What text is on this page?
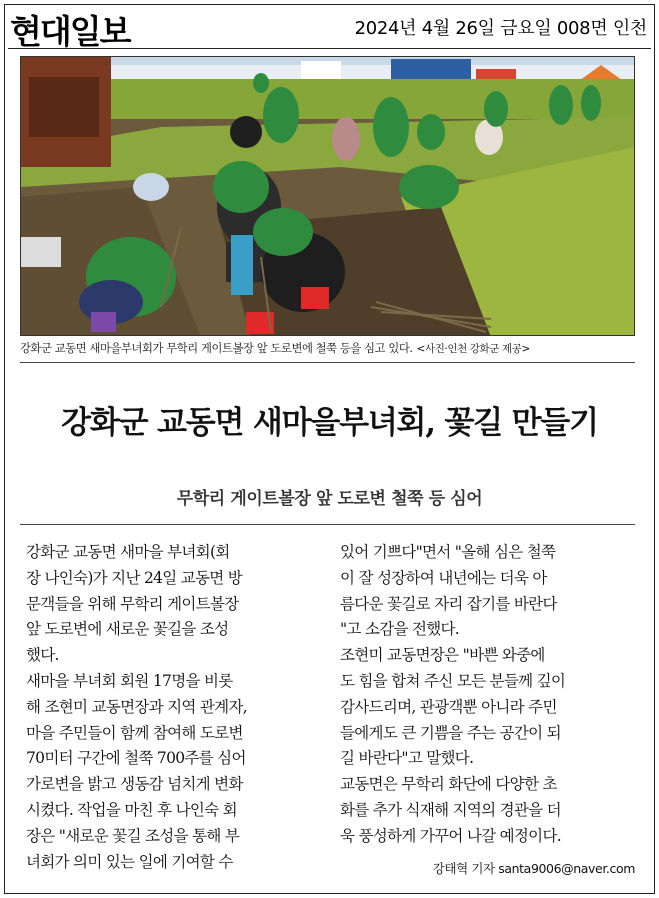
현대일보	2024년 4월 26일 금요일 008면 인천
강화군 교동면 새마을부녀회가 무학리 게이트볼장 앞 도로변에 철쭉 등을 심고 있다. <사진·인천 강화군 제공>
강화군 교동면 새마을부녀회, 꽃길 만들기
무학리 게이트볼장 앞 도로변 철쭉 등 심어
강화군 교동면 새마을 부녀회(회
장 나인숙)가 지난 24일 교동면 방
문객들을 위해 무학리 게이트볼장
앞 도로변에 새로운 꽃길을 조성
했다.
새마을 부녀회 회원 17명을 비롯
해 조현미 교동면장과 지역 관계자,
마을 주민들이 함께 참여해 도로변
70미터 구간에 철쭉 700주를 심어
가로변을 밝고 생동감 넘치게 변화
시켰다. 작업을 마친 후 나인숙 회
장은 "새로운 꽃길 조성을 통해 부
녀회가 의미 있는 일에 기여할 수
있어 기쁘다"면서 "올해 심은 철쭉
이 잘 성장하여 내년에는 더욱 아
름다운 꽃길로 자리 잡기를 바란다
"고 소감을 전했다.
조현미 교동면장은 "바쁜 와중에
도 힘을 합쳐 주신 모든 분들께 깊이
감사드리며, 관광객뿐 아니라 주민
들에게도 큰 기쁨을 주는 공간이 되
길 바란다"고 말했다.
교동면은 무학리 화단에 다양한 초
화를 추가 식재해 지역의 경관을 더
욱 풍성하게 가꾸어 나갈 예정이다.
강태혁 기자 santa9006@naver.com
